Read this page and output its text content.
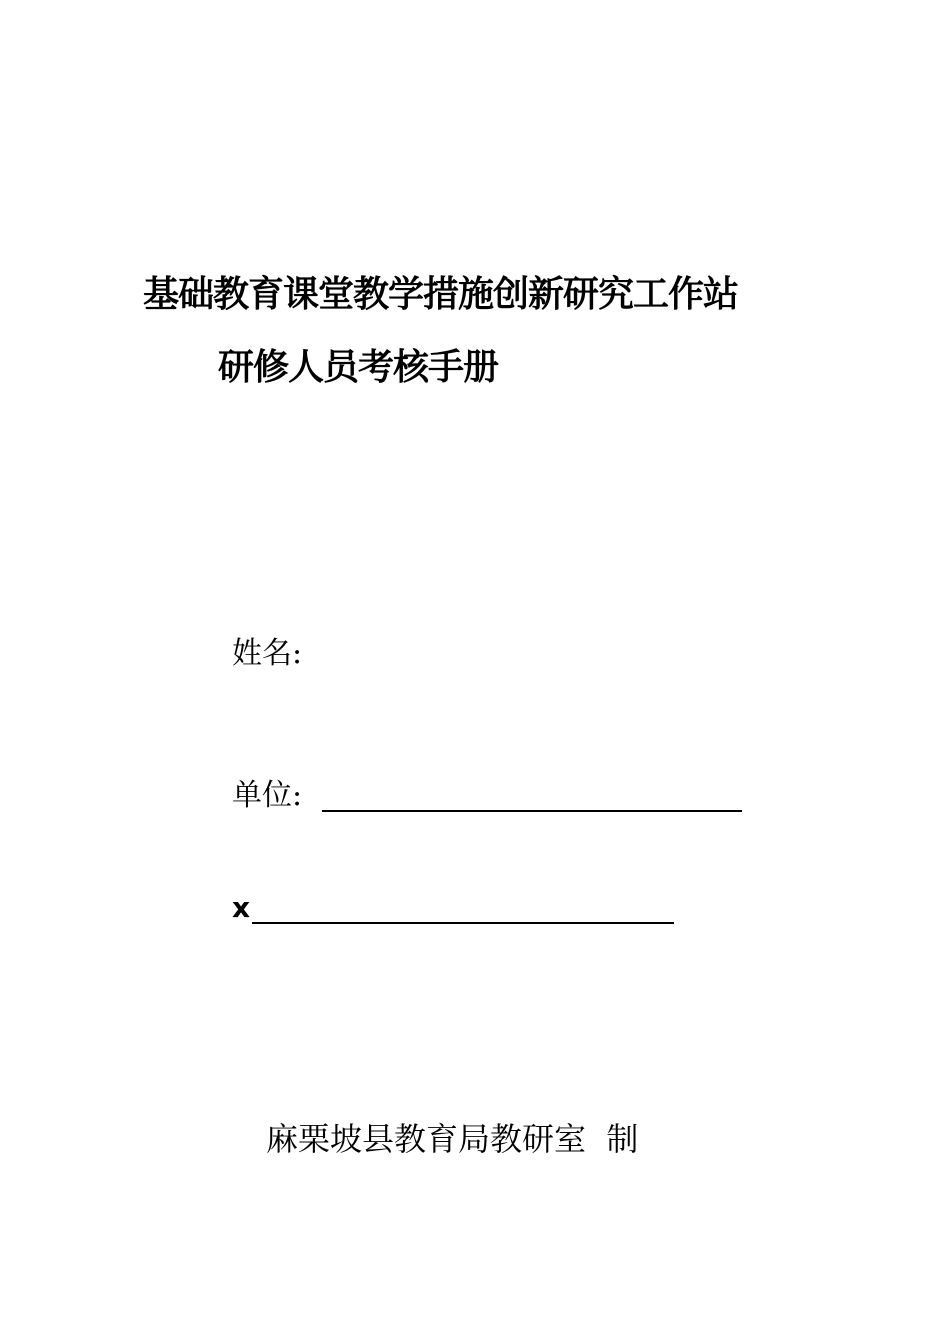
基础教育课堂教学措施创新研究工作站
研修人员考核手册
姓名:
单位:
x
麻栗坡县教育局教研室  制
